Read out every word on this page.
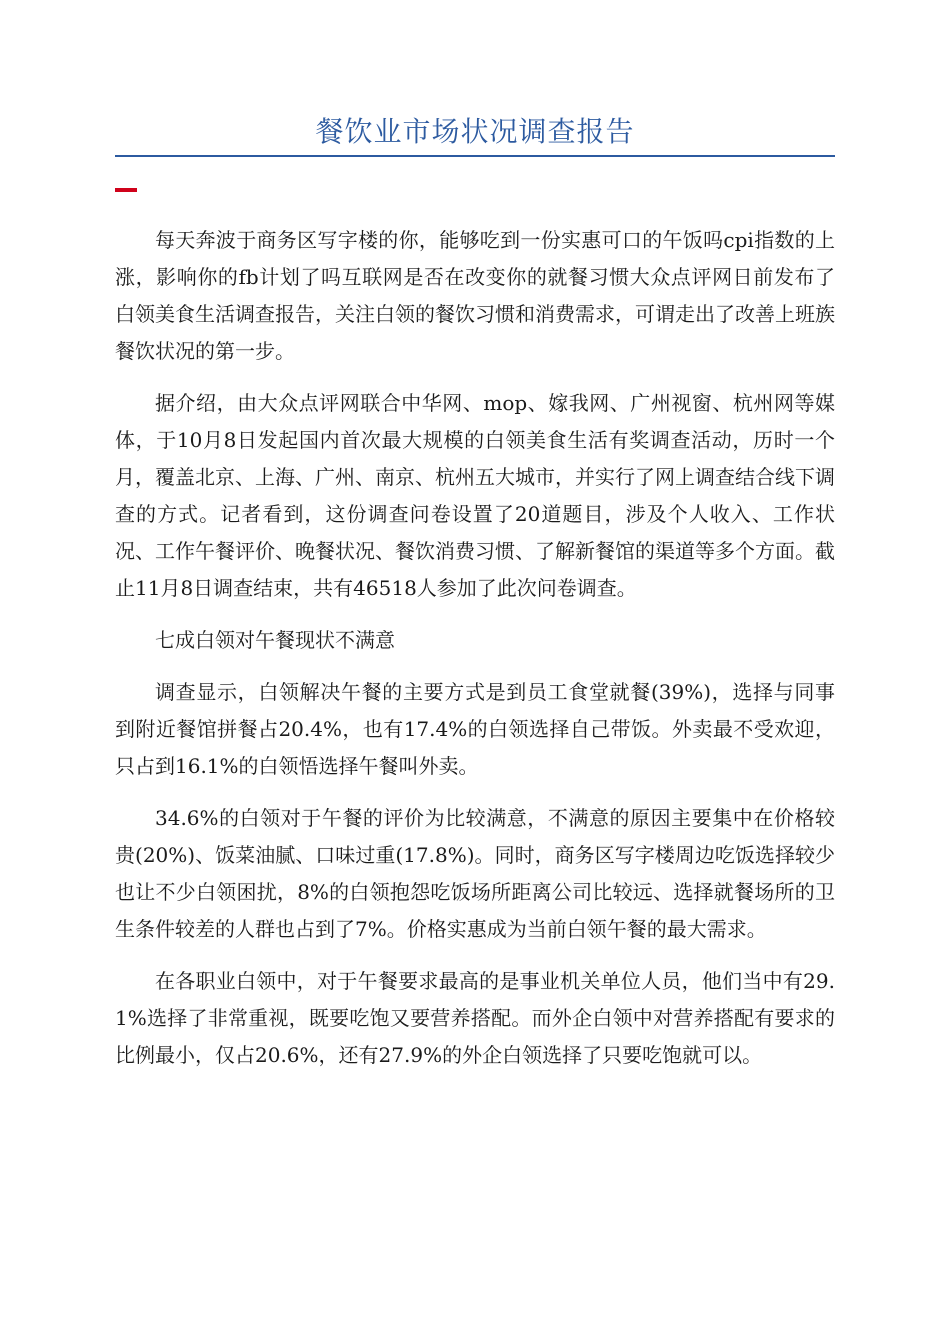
餐饮业市场状况调查报告

每天奔波于商务区写字楼的你，能够吃到一份实惠可口的午饭吗cpi指数的上涨，影响你的fb计划了吗互联网是否在改变你的就餐习惯大众点评网日前发布了白领美食生活调查报告，关注白领的餐饮习惯和消费需求，可谓走出了改善上班族餐饮状况的第一步。

据介绍，由大众点评网联合中华网、mop、嫁我网、广州视窗、杭州网等媒体，于10月8日发起国内首次最大规模的白领美食生活有奖调查活动，历时一个月，覆盖北京、上海、广州、南京、杭州五大城市，并实行了网上调查结合线下调查的方式。记者看到，这份调查问卷设置了20道题目，涉及个人收入、工作状况、工作午餐评价、晚餐状况、餐饮消费习惯、了解新餐馆的渠道等多个方面。截止11月8日调查结束，共有46518人参加了此次问卷调查。

七成白领对午餐现状不满意

调查显示，白领解决午餐的主要方式是到员工食堂就餐(39%)，选择与同事到附近餐馆拼餐占20.4%，也有17.4%的白领选择自己带饭。外卖最不受欢迎，只占到16.1%的白领悟选择午餐叫外卖。

34.6%的白领对于午餐的评价为比较满意，不满意的原因主要集中在价格较贵(20%)、饭菜油腻、口味过重(17.8%)。同时，商务区写字楼周边吃饭选择较少也让不少白领困扰，8%的白领抱怨吃饭场所距离公司比较远、选择就餐场所的卫生条件较差的人群也占到了7%。价格实惠成为当前白领午餐的最大需求。

在各职业白领中，对于午餐要求最高的是事业机关单位人员，他们当中有29.1%选择了非常重视，既要吃饱又要营养搭配。而外企白领中对营养搭配有要求的比例最小，仅占20.6%，还有27.9%的外企白领选择了只要吃饱就可以。
